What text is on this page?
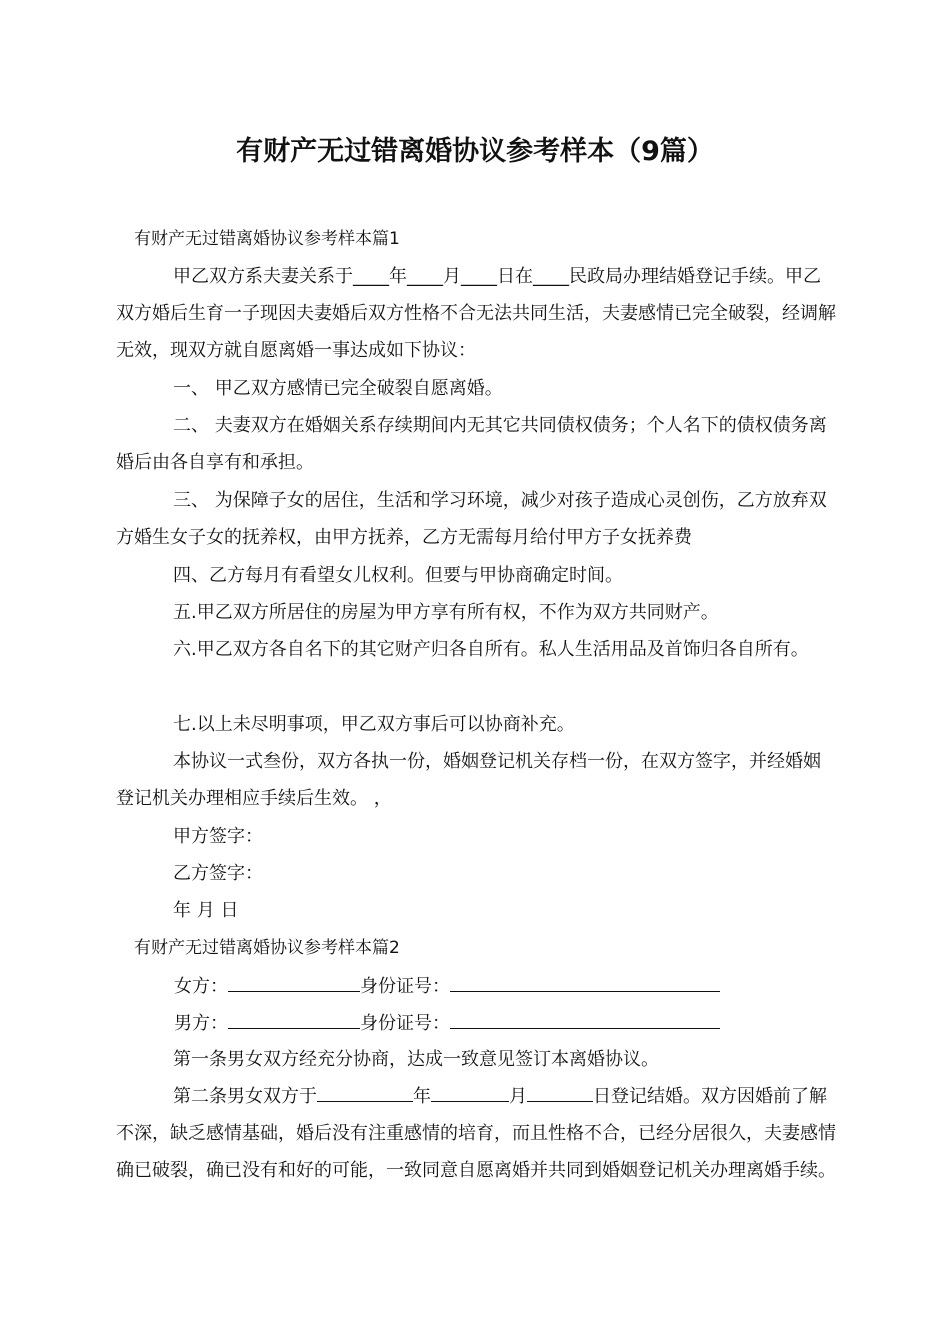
有财产无过错离婚协议参考样本（9篇）

有财产无过错离婚协议参考样本篇1

甲乙双方系夫妻关系于____年____月____日在____民政局办理结婚登记手续。甲乙双方婚后生育一子现因夫妻婚后双方性格不合无法共同生活，夫妻感情已完全破裂，经调解无效，现双方就自愿离婚一事达成如下协议：

一、 甲乙双方感情已完全破裂自愿离婚。

二、 夫妻双方在婚姻关系存续期间内无其它共同债权债务；个人名下的债权债务离婚后由各自享有和承担。

三、 为保障子女的居住，生活和学习环境，减少对孩子造成心灵创伤，乙方放弃双方婚生女子女的抚养权，由甲方抚养，乙方无需每月给付甲方子女抚养费

四、乙方每月有看望女儿权利。但要与甲协商确定时间。

五.甲乙双方所居住的房屋为甲方享有所有权，不作为双方共同财产。

六.甲乙双方各自名下的其它财产归各自所有。私人生活用品及首饰归各自所有。

七.以上未尽明事项，甲乙双方事后可以协商补充。

本协议一式叁份，双方各执一份，婚姻登记机关存档一份，在双方签字，并经婚姻登记机关办理相应手续后生效。 ，

甲方签字：

乙方签字：

年 月 日

有财产无过错离婚协议参考样本篇2

女方：	身份证号：

男方：	身份证号：

第一条男女双方经充分协商，达成一致意见签订本离婚协议。

第二条男女双方于	年	月	日登记结婚。双方因婚前了解不深，缺乏感情基础，婚后没有注重感情的培育，而且性格不合，已经分居很久，夫妻感情确已破裂，确已没有和好的可能，一致同意自愿离婚并共同到婚姻登记机关办理离婚手续。
